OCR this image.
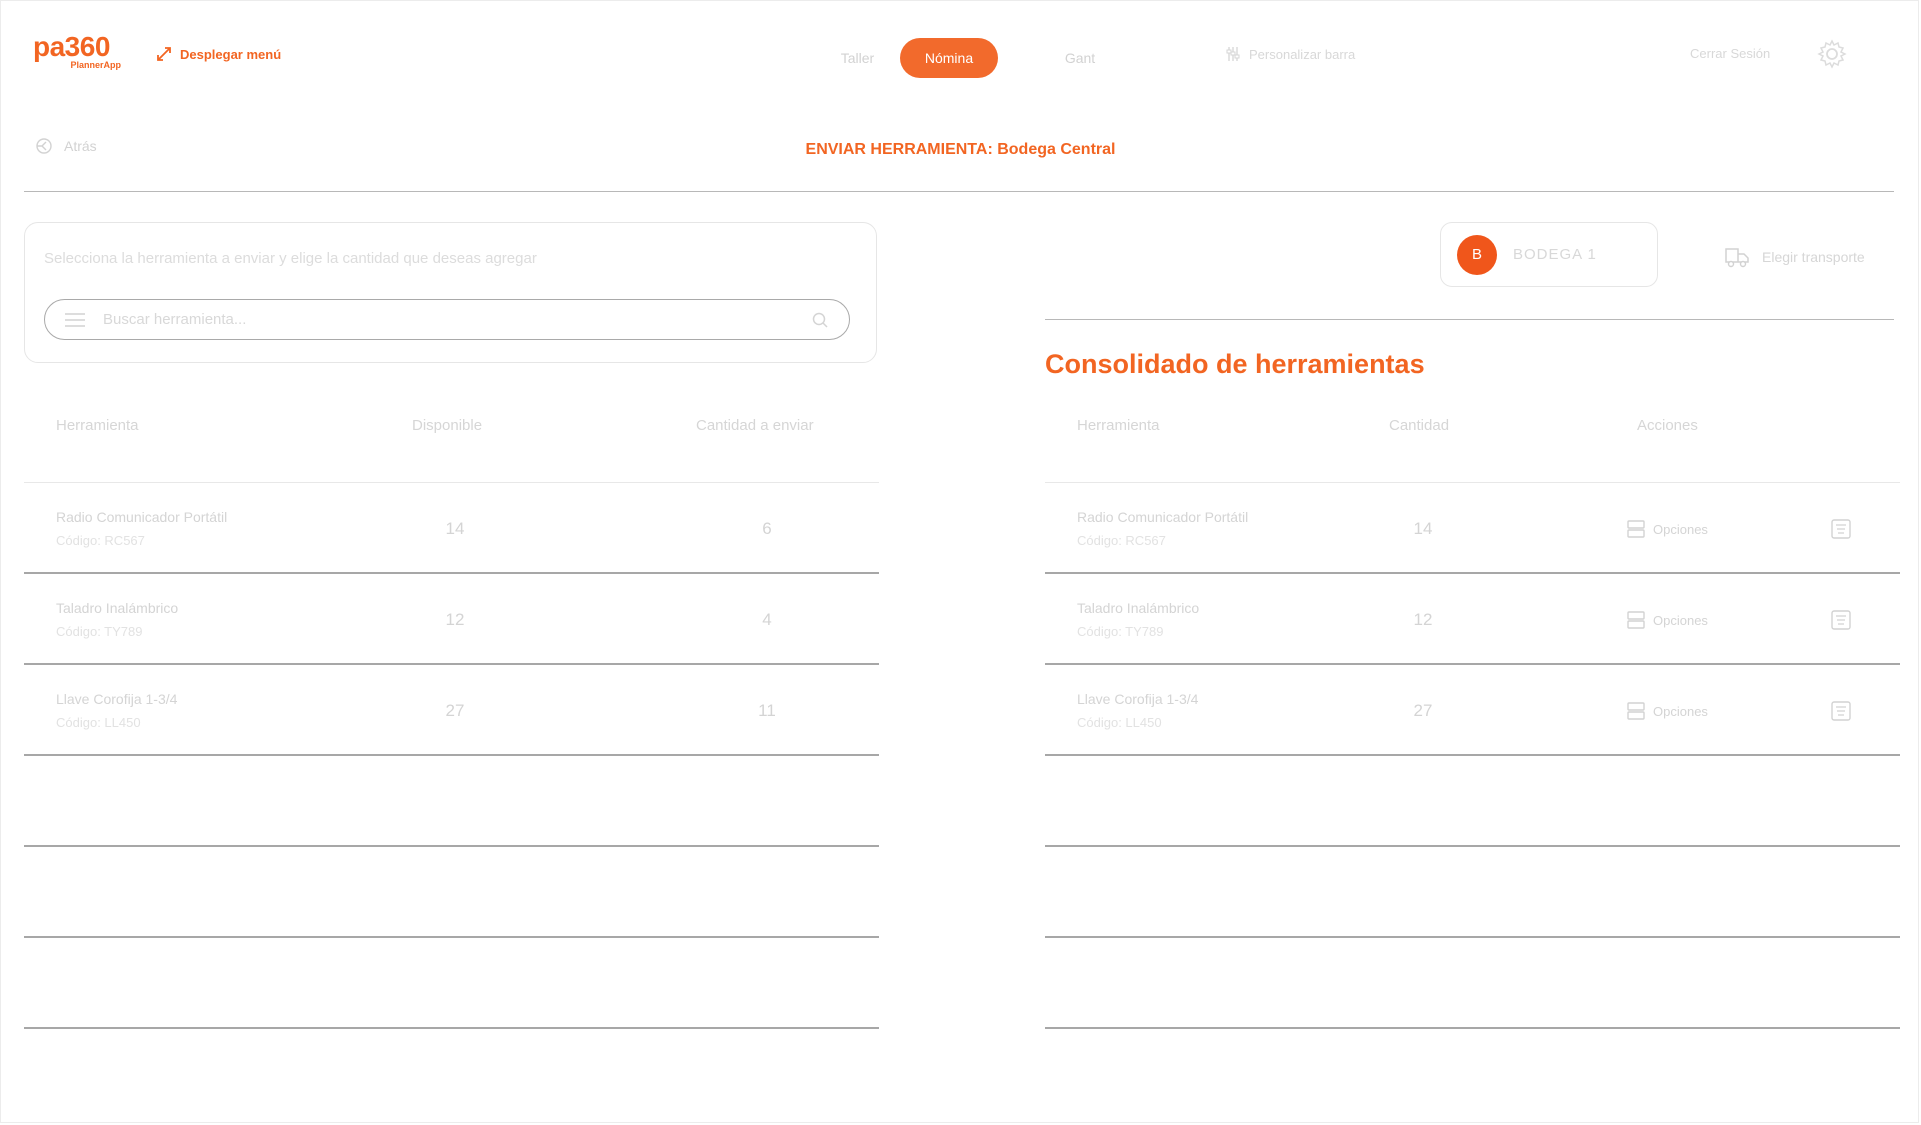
pa360
PlannerApp
Desplegar menú	Taller	Nómina	Gant	Personalizar barra	Cerrar Sesión
Atrás	ENVIAR HERRAMIENTA: Bodega Central
Selecciona la herramienta a enviar y elige la cantidad que deseas agregar
Buscar herramienta...
Herramienta	Disponible	Cantidad a enviar
Radio Comunicador Portátil
Código: RC567
14	6
Taladro Inalámbrico
Código: TY789
12	4
Llave Corofija 1-3/4
Código: LL450
27	11
B	BODEGA 1	Elegir transporte
Consolidado de herramientas
Herramienta	Cantidad	Acciones
Radio Comunicador Portátil
Código: RC567
14	Opciones
Taladro Inalámbrico
Código: TY789
12	Opciones
Llave Corofija 1-3/4
Código: LL450
27	Opciones
